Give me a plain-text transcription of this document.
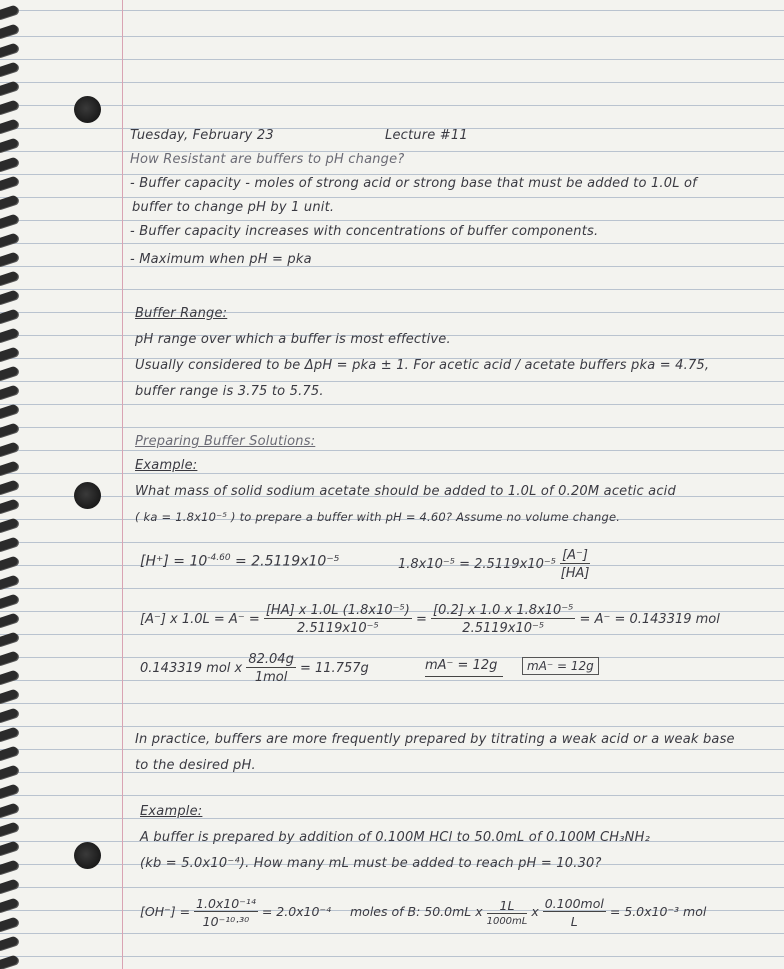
Tuesday, February 23	Lecture #11
How Resistant are buffers to pH change?
- Buffer capacity - moles of strong acid or strong base that must be added to 1.0L of
buffer to change pH by 1 unit.
- Buffer capacity increases with concentrations of buffer components.
- Maximum when pH = pka
Buffer Range:
pH range over which a buffer is most effective.
Usually considered to be ΔpH = pka ± 1. For acetic acid / acetate buffers pka = 4.75,
buffer range is 3.75 to 5.75.
Preparing Buffer Solutions:
Example:
What mass of solid sodium acetate should be added to 1.0L of 0.20M acetic acid
( ka = 1.8x10⁻⁵ ) to prepare a buffer with pH = 4.60? Assume no volume change.
$[H^+] = 10^{-4.60} = 2.5119x10^{-5}$	$1.8x10^{-5} = 2.5119x10^{-5} \frac{[A^-]}{[HA]}$
[A⁻] x $1.0L = A^- = \frac{\text{[HA] x 1.0L (1.8x10⁻⁵)}}{\text{2.5119x10⁻⁵}} = \frac{\text{[0.2] x 1.0 x 1.8x10⁻⁵}}{\text{2.5119x10⁻⁵}} = A^- = 0.143319$ mol
0.143319 mol x $\frac{82.04g}{\text{1mol}} = 11.757g$	mA⁻ = 12g	mA⁻ = 12g
In practice, buffers are more frequently prepared by titrating a weak acid or a weak base
to the desired pH.
Example:
A buffer is prepared by addition of 0.100M HCl to 50.0mL of 0.100M CH₃NH₂
(kb = 5.0x10⁻⁴). How many mL must be added to reach pH = 10.30?
$[OH^-] = \frac{\text{1.0x10⁻¹⁴}}{\text{10⁻¹⁰·³⁰}} = 2.0x10^{-4}$ moles of B: 50.0mL x $\frac{1L}{1000mL}$ x $\frac{\text{0.100mol}}{L} = 5.0x10^{-3}$ mol
